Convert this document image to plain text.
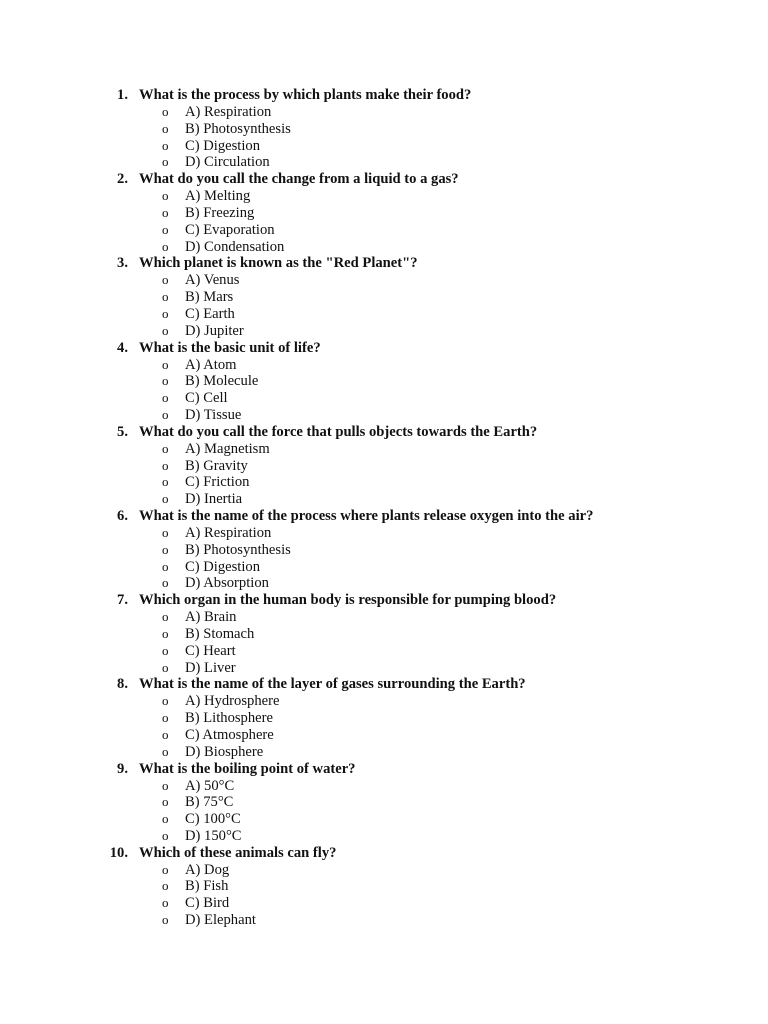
1. What is the process by which plants make their food?
o A) Respiration
o B) Photosynthesis
o C) Digestion
o D) Circulation
2. What do you call the change from a liquid to a gas?
o A) Melting
o B) Freezing
o C) Evaporation
o D) Condensation
3. Which planet is known as the "Red Planet"?
o A) Venus
o B) Mars
o C) Earth
o D) Jupiter
4. What is the basic unit of life?
o A) Atom
o B) Molecule
o C) Cell
o D) Tissue
5. What do you call the force that pulls objects towards the Earth?
o A) Magnetism
o B) Gravity
o C) Friction
o D) Inertia
6. What is the name of the process where plants release oxygen into the air?
o A) Respiration
o B) Photosynthesis
o C) Digestion
o D) Absorption
7. Which organ in the human body is responsible for pumping blood?
o A) Brain
o B) Stomach
o C) Heart
o D) Liver
8. What is the name of the layer of gases surrounding the Earth?
o A) Hydrosphere
o B) Lithosphere
o C) Atmosphere
o D) Biosphere
9. What is the boiling point of water?
o A) 50°C
o B) 75°C
o C) 100°C
o D) 150°C
10. Which of these animals can fly?
o A) Dog
o B) Fish
o C) Bird
o D) Elephant
